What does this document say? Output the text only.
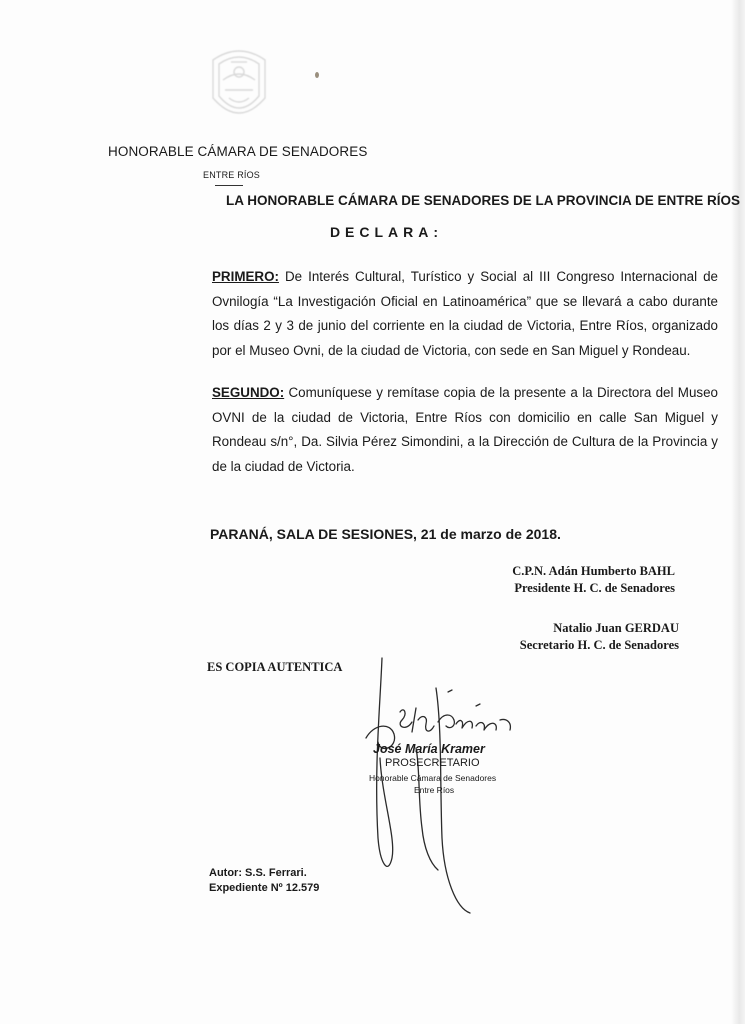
HONORABLE CÁMARA DE SENADORES
ENTRE RÍOS
LA HONORABLE CÁMARA DE SENADORES DE LA PROVINCIA DE ENTRE RÍOS
DECLARA:
PRIMERO: De Interés Cultural, Turístico y Social al III Congreso Internacional de Ovnilogía “La Investigación Oficial en Latinoamérica” que se llevará a cabo durante los días 2 y 3 de junio del corriente en la ciudad de Victoria, Entre Ríos, organizado por el Museo Ovni, de la ciudad de Victoria, con sede en San Miguel y Rondeau.
SEGUNDO: Comuníquese y remítase copia de la presente a la Directora del Museo OVNI de la ciudad de Victoria, Entre Ríos con domicilio en calle San Miguel y Rondeau s/n°, Da. Silvia Pérez Simondini, a la Dirección de Cultura de la Provincia y de la ciudad de Victoria.
PARANÁ, SALA DE SESIONES, 21 de marzo de 2018.
C.P.N. Adán Humberto BAHL
Presidente H. C. de Senadores
Natalio Juan GERDAU
Secretario H. C. de Senadores
ES COPIA AUTENTICA
José María Kramer
PROSECRETARIO
Honorable Cámara de Senadores
Entre Ríos
Autor: S.S. Ferrari.
Expediente Nº 12.579
